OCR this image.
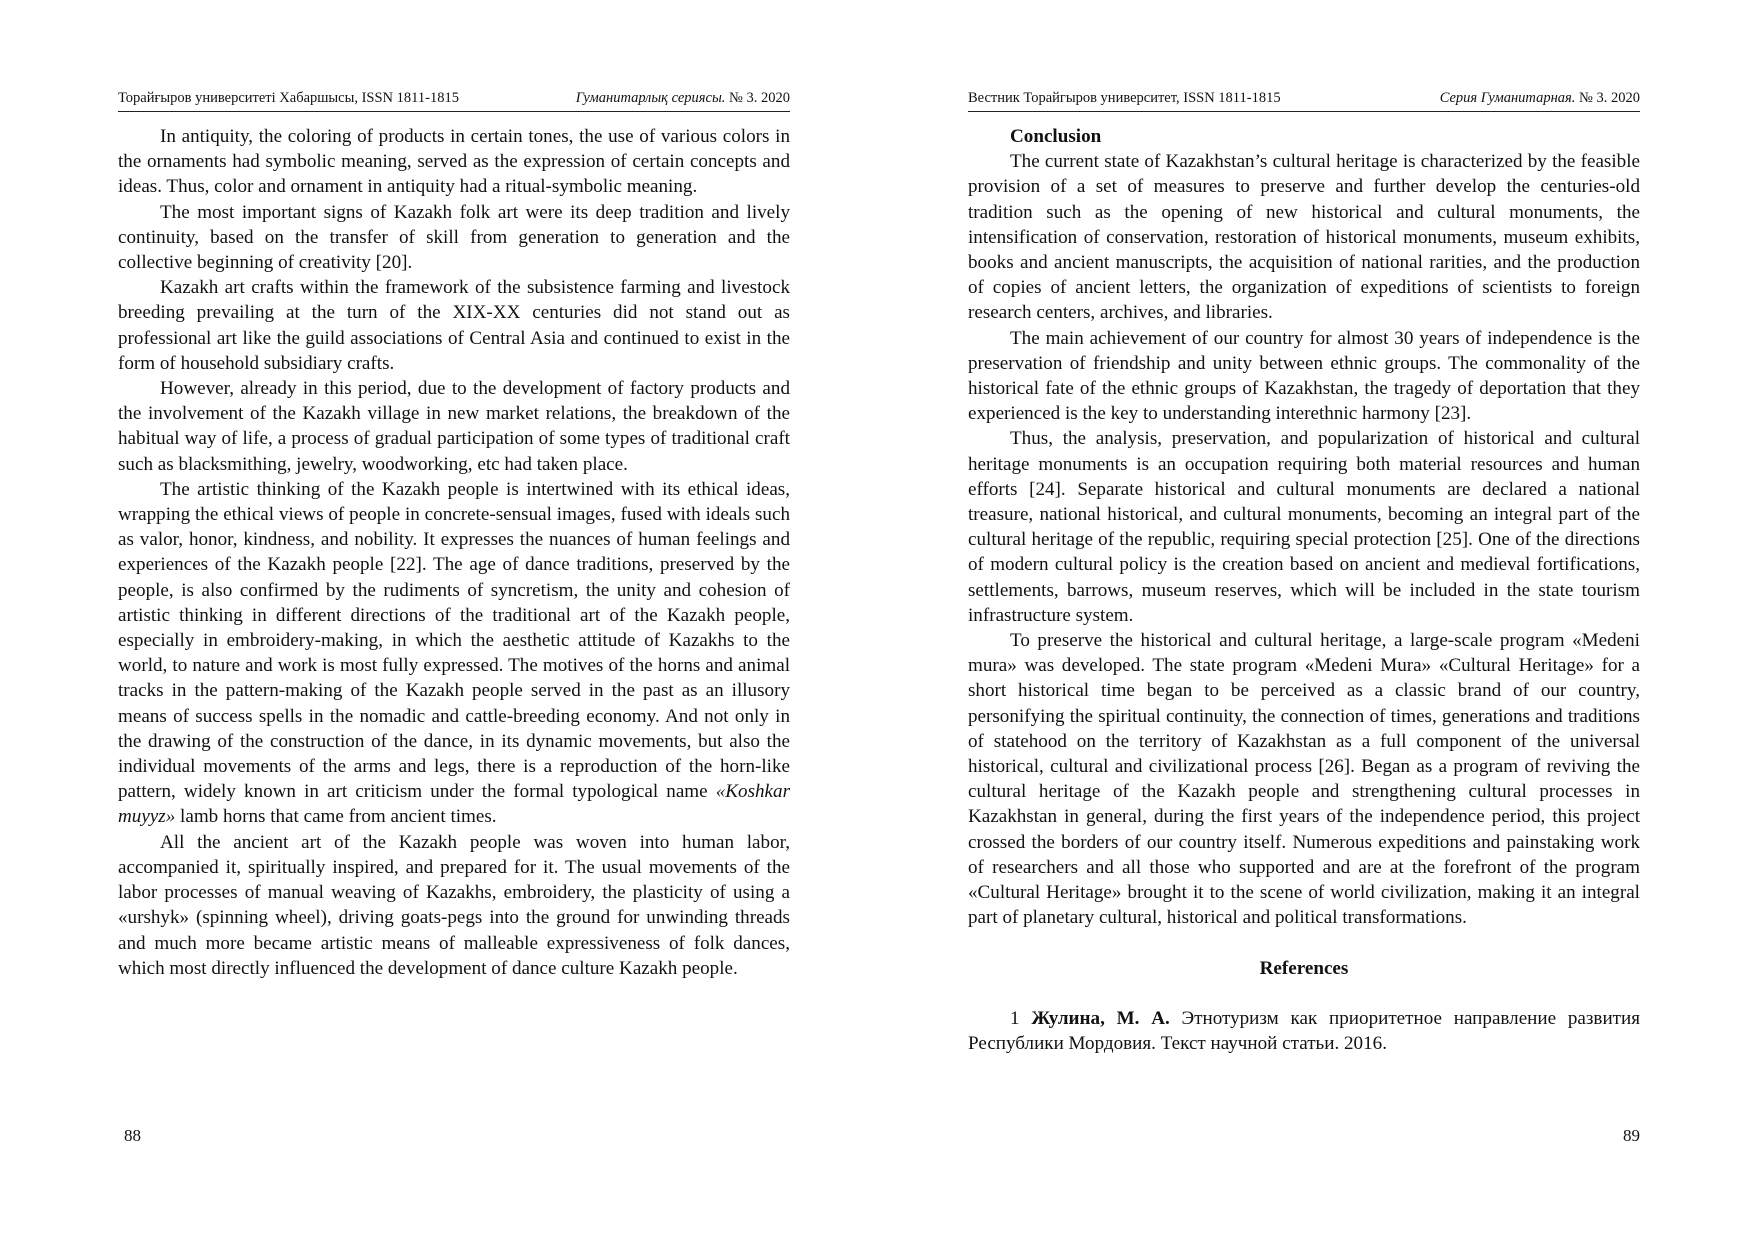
Торайғыров университеті Хабаршысы, ISSN 1811-1815	Гуманитарлық сериясы. № 3. 2020

In antiquity, the coloring of products in certain tones, the use of various colors in the ornaments had symbolic meaning, served as the expression of certain concepts and ideas. Thus, color and ornament in antiquity had a ritual-symbolic meaning.

The most important signs of Kazakh folk art were its deep tradition and lively continuity, based on the transfer of skill from generation to generation and the collective beginning of creativity [20].

Kazakh art crafts within the framework of the subsistence farming and livestock breeding prevailing at the turn of the XIX-XX centuries did not stand out as professional art like the guild associations of Central Asia and continued to exist in the form of household subsidiary crafts.

However, already in this period, due to the development of factory products and the involvement of the Kazakh village in new market relations, the breakdown of the habitual way of life, a process of gradual participation of some types of traditional craft such as blacksmithing, jewelry, woodworking, etc had taken place.

The artistic thinking of the Kazakh people is intertwined with its ethical ideas, wrapping the ethical views of people in concrete-sensual images, fused with ideals such as valor, honor, kindness, and nobility. It expresses the nuances of human feelings and experiences of the Kazakh people [22]. The age of dance traditions, preserved by the people, is also confirmed by the rudiments of syncretism, the unity and cohesion of artistic thinking in different directions of the traditional art of the Kazakh people, especially in embroidery-making, in which the aesthetic attitude of Kazakhs to the world, to nature and work is most fully expressed. The motives of the horns and animal tracks in the pattern-making of the Kazakh people served in the past as an illusory means of success spells in the nomadic and cattle-breeding economy. And not only in the drawing of the construction of the dance, in its dynamic movements, but also the individual movements of the arms and legs, there is a reproduction of the horn-like pattern, widely known in art criticism under the formal typological name «Koshkar muyyz» lamb horns that came from ancient times.

All the ancient art of the Kazakh people was woven into human labor, accompanied it, spiritually inspired, and prepared for it. The usual movements of the labor processes of manual weaving of Kazakhs, embroidery, the plasticity of using a «urshyk» (spinning wheel), driving goats-pegs into the ground for unwinding threads and much more became artistic means of malleable expressiveness of folk dances, which most directly influenced the development of dance culture Kazakh people.

88
Вестник Торайгыров университет, ISSN 1811-1815	Серия Гуманитарная. № 3. 2020

Conclusion

The current state of Kazakhstan’s cultural heritage is characterized by the feasible provision of a set of measures to preserve and further develop the centuries-old tradition such as the opening of new historical and cultural monuments, the intensification of conservation, restoration of historical monuments, museum exhibits, books and ancient manuscripts, the acquisition of national rarities, and the production of copies of ancient letters, the organization of expeditions of scientists to foreign research centers, archives, and libraries.

The main achievement of our country for almost 30 years of independence is the preservation of friendship and unity between ethnic groups. The commonality of the historical fate of the ethnic groups of Kazakhstan, the tragedy of deportation that they experienced is the key to understanding interethnic harmony [23].

Thus, the analysis, preservation, and popularization of historical and cultural heritage monuments is an occupation requiring both material resources and human efforts [24]. Separate historical and cultural monuments are declared a national treasure, national historical, and cultural monuments, becoming an integral part of the cultural heritage of the republic, requiring special protection [25]. One of the directions of modern cultural policy is the creation based on ancient and medieval fortifications, settlements, barrows, museum reserves, which will be included in the state tourism infrastructure system.

To preserve the historical and cultural heritage, a large-scale program «Medeni mura» was developed. The state program «Medeni Mura» «Cultural Heritage» for a short historical time began to be perceived as a classic brand of our country, personifying the spiritual continuity, the connection of times, generations and traditions of statehood on the territory of Kazakhstan as a full component of the universal historical, cultural and civilizational process [26]. Began as a program of reviving the cultural heritage of the Kazakh people and strengthening cultural processes in Kazakhstan in general, during the first years of the independence period, this project crossed the borders of our country itself. Numerous expeditions and painstaking work of researchers and all those who supported and are at the forefront of the program «Cultural Heritage» brought it to the scene of world civilization, making it an integral part of planetary cultural, historical and political transformations.

References

1 Жулина, М. А. Этнотуризм как приоритетное направление развития Республики Мордовия. Текст научной статьи. 2016.

89
